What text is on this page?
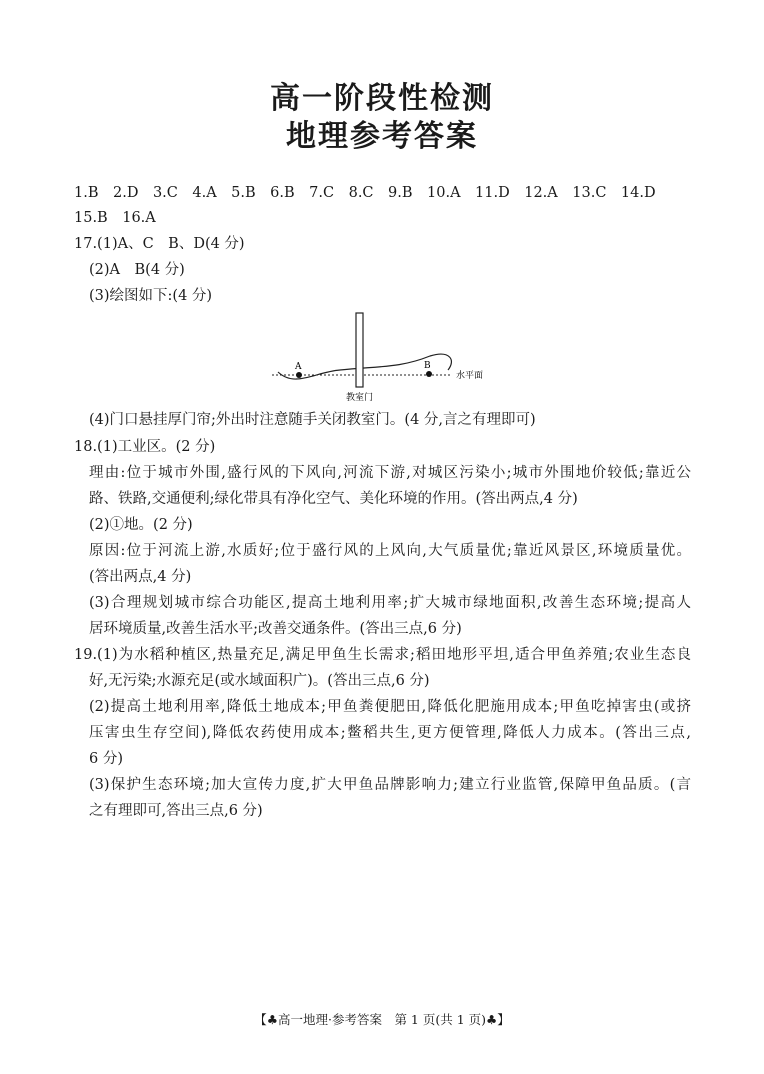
高一阶段性检测
地理参考答案
1.B　2.D　3.C　4.A　5.B　6.B　7.C　8.C　9.B　10.A　11.D　12.A　13.C　14.D
15.B　16.A
17.(1)A、C　B、D(4 分)
(2)A　B(4 分)
(3)绘图如下:(4 分)
A	B
水平面
教室门
(4)门口悬挂厚门帘;外出时注意随手关闭教室门。(4 分,言之有理即可)
18.(1)工业区。(2 分)
理由:位于城市外围,盛行风的下风向,河流下游,对城区污染小;城市外围地价较低;靠近公
路、铁路,交通便利;绿化带具有净化空气、美化环境的作用。(答出两点,4 分)
(2)①地。(2 分)
原因:位于河流上游,水质好;位于盛行风的上风向,大气质量优;靠近风景区,环境质量优。
(答出两点,4 分)
(3)合理规划城市综合功能区,提高土地利用率;扩大城市绿地面积,改善生态环境;提高人
居环境质量,改善生活水平;改善交通条件。(答出三点,6 分)
19.(1)为水稻种植区,热量充足,满足甲鱼生长需求;稻田地形平坦,适合甲鱼养殖;农业生态良
好,无污染;水源充足(或水域面积广)。(答出三点,6 分)
(2)提高土地利用率,降低土地成本;甲鱼粪便肥田,降低化肥施用成本;甲鱼吃掉害虫(或挤
压害虫生存空间),降低农药使用成本;鳖稻共生,更方便管理,降低人力成本。(答出三点,
6 分)
(3)保护生态环境;加大宣传力度,扩大甲鱼品牌影响力;建立行业监管,保障甲鱼品质。(言
之有理即可,答出三点,6 分)
【♣高一地理·参考答案　第 1 页(共 1 页)♣】
